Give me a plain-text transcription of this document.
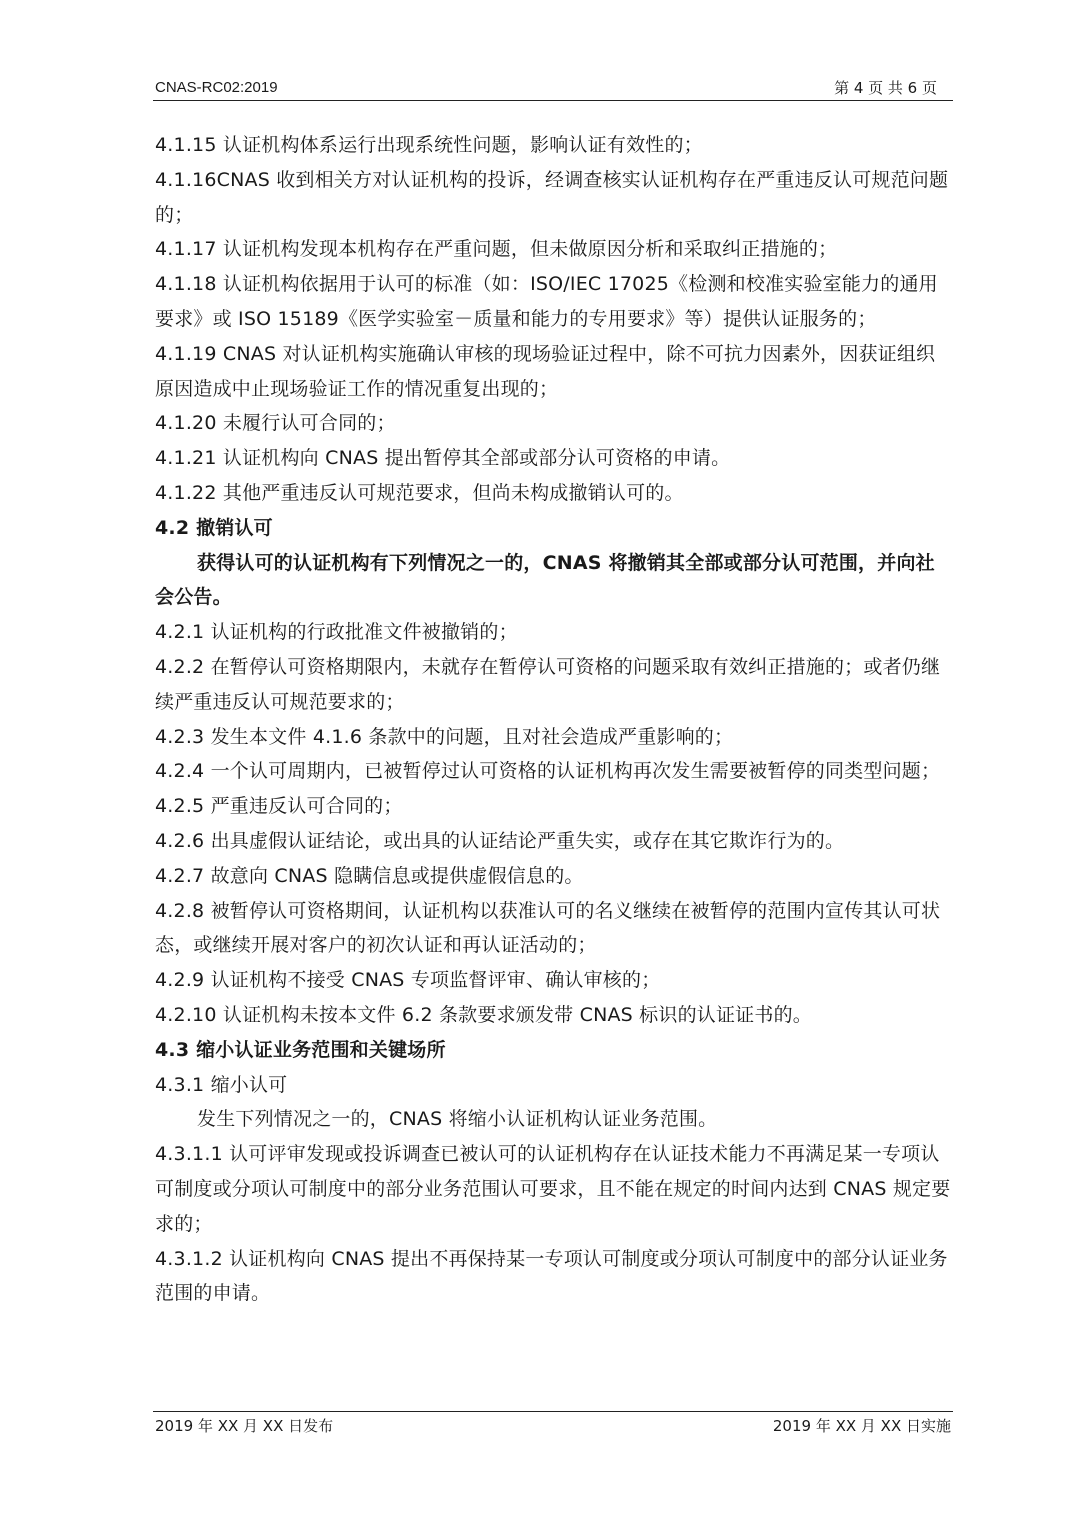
CNAS-RC02:2019	第 4 页 共 6 页

4.1.15 认证机构体系运行出现系统性问题，影响认证有效性的；

4.1.16CNAS 收到相关方对认证机构的投诉，经调查核实认证机构存在严重违反认可规范问题的；

4.1.17 认证机构发现本机构存在严重问题，但未做原因分析和采取纠正措施的；

4.1.18 认证机构依据用于认可的标准（如：ISO/IEC 17025《检测和校准实验室能力的通用要求》或 ISO 15189《医学实验室－质量和能力的专用要求》等）提供认证服务的；

4.1.19 CNAS 对认证机构实施确认审核的现场验证过程中，除不可抗力因素外，因获证组织原因造成中止现场验证工作的情况重复出现的；

4.1.20 未履行认可合同的；

4.1.21 认证机构向 CNAS 提出暂停其全部或部分认可资格的申请。

4.1.22 其他严重违反认可规范要求，但尚未构成撤销认可的。

4.2 撤销认可

获得认可的认证机构有下列情况之一的，CNAS 将撤销其全部或部分认可范围，并向社会公告。

4.2.1 认证机构的行政批准文件被撤销的；

4.2.2 在暂停认可资格期限内，未就存在暂停认可资格的问题采取有效纠正措施的；或者仍继续严重违反认可规范要求的；

4.2.3 发生本文件 4.1.6 条款中的问题，且对社会造成严重影响的；

4.2.4 一个认可周期内，已被暂停过认可资格的认证机构再次发生需要被暂停的同类型问题；

4.2.5 严重违反认可合同的；

4.2.6 出具虚假认证结论，或出具的认证结论严重失实，或存在其它欺诈行为的。

4.2.7 故意向 CNAS 隐瞒信息或提供虚假信息的。

4.2.8 被暂停认可资格期间，认证机构以获准认可的名义继续在被暂停的范围内宣传其认可状态，或继续开展对客户的初次认证和再认证活动的；

4.2.9 认证机构不接受 CNAS 专项监督评审、确认审核的；

4.2.10 认证机构未按本文件 6.2 条款要求颁发带 CNAS 标识的认证证书的。

4.3 缩小认证业务范围和关键场所

4.3.1 缩小认可

发生下列情况之一的，CNAS 将缩小认证机构认证业务范围。

4.3.1.1 认可评审发现或投诉调查已被认可的认证机构存在认证技术能力不再满足某一专项认可制度或分项认可制度中的部分业务范围认可要求，且不能在规定的时间内达到 CNAS 规定要求的；

4.3.1.2 认证机构向 CNAS 提出不再保持某一专项认可制度或分项认可制度中的部分认证业务范围的申请。

2019 年 XX 月 XX 日发布	2019 年 XX 月 XX 日实施
